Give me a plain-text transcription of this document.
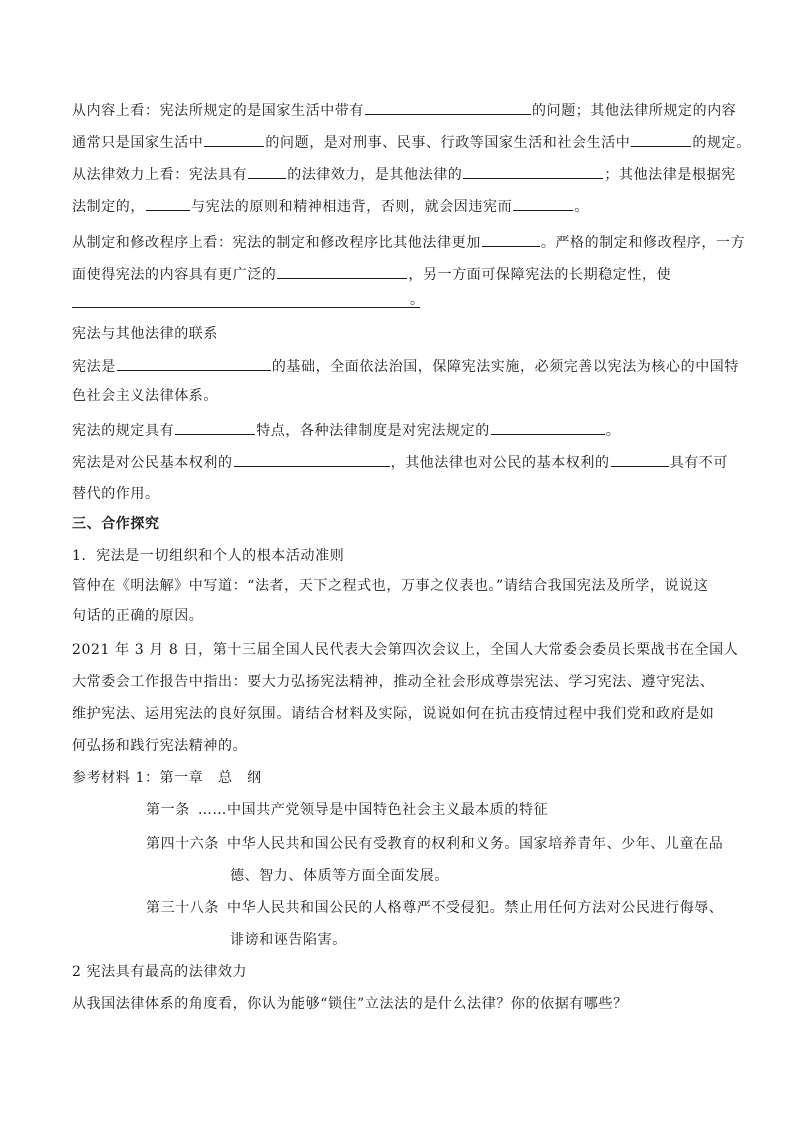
从内容上看：宪法所规定的是国家生活中带有	的问题；其他法律所规定的内容
通常只是国家生活中	的问题，是对刑事、民事、行政等国家生活和社会生活中	的规定。
从法律效力上看：宪法具有	的法律效力，是其他法律的	；其他法律是根据宪
法制定的，	与宪法的原则和精神相违背，否则，就会因违宪而	。
从制定和修改程序上看：宪法的制定和修改程序比其他法律更加	。严格的制定和修改程序，一方
面使得宪法的内容具有更广泛的	，另一方面可保障宪法的长期稳定性，使
。
宪法与其他法律的联系
宪法是	的基础，全面依法治国，保障宪法实施，必须完善以宪法为核心的中国特
色社会主义法律体系。
宪法的规定具有	特点，各种法律制度是对宪法规定的	。
宪法是对公民基本权利的	，其他法律也对公民的基本权利的	具有不可
替代的作用。
三、合作探究
1．宪法是一切组织和个人的根本活动准则
管仲在《明法解》中写道：“法者，天下之程式也，万事之仪表也。”请结合我国宪法及所学，说说这
句话的正确的原因。
2021 年 3 月 8 日，第十三届全国人民代表大会第四次会议上，全国人大常委会委员长栗战书在全国人
大常委会工作报告中指出：要大力弘扬宪法精神，推动全社会形成尊崇宪法、学习宪法、遵守宪法、
维护宪法、运用宪法的良好氛围。请结合材料及实际，说说如何在抗击疫情过程中我们党和政府是如
何弘扬和践行宪法精神的。
参考材料 1：第一章　总　纲
第一条 ……中国共产党领导是中国特色社会主义最本质的特征
第四十六条 中华人民共和国公民有受教育的权利和义务。国家培养青年、少年、儿童在品
德、智力、体质等方面全面发展。
第三十八条 中华人民共和国公民的人格尊严不受侵犯。禁止用任何方法对公民进行侮辱、
诽谤和诬告陷害。
2 宪法具有最高的法律效力
从我国法律体系的角度看，你认为能够“锁住”立法法的是什么法律？你的依据有哪些？
